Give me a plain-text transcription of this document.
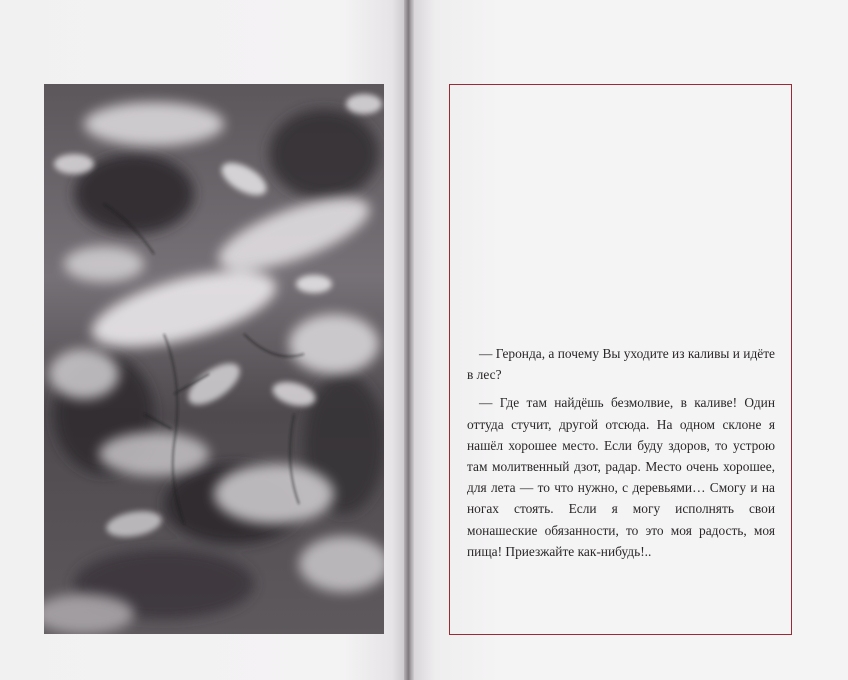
— Геронда, а почему Вы уходите из каливы и идёте в лес?

— Где там найдёшь безмолвие, в каливе! Один оттуда стучит, другой отсюда. На одном склоне я нашёл хорошее место. Если буду здоров, то устрою там молитвенный дзот, радар. Место очень хорошее, для лета — то что нужно, с деревьями… Смогу и на ногах стоять. Если я могу исполнять свои монашеские обязанности, то это моя радость, моя пища! Приезжайте как-нибудь!..
